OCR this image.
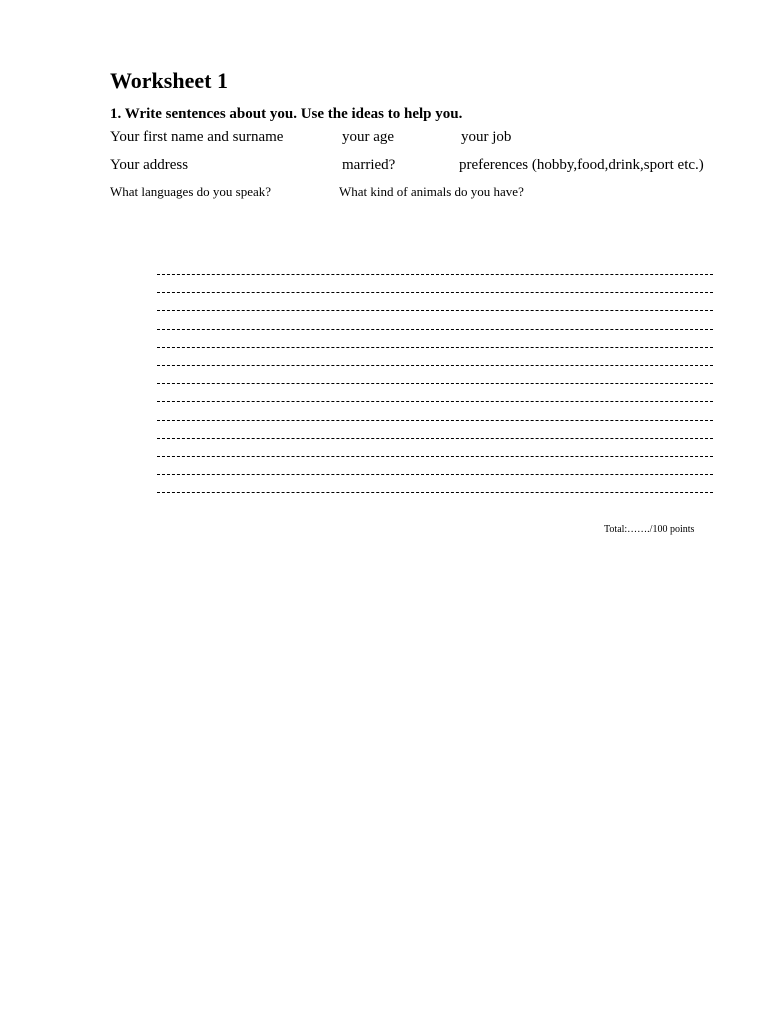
Worksheet 1
1. Write sentences about you. Use the ideas to help you.
Your first name and surname	your age	your job
Your address	married?	preferences (hobby,food,drink,sport etc.)
What languages do you speak?	What kind of animals do you have?
Total:……./100 points
